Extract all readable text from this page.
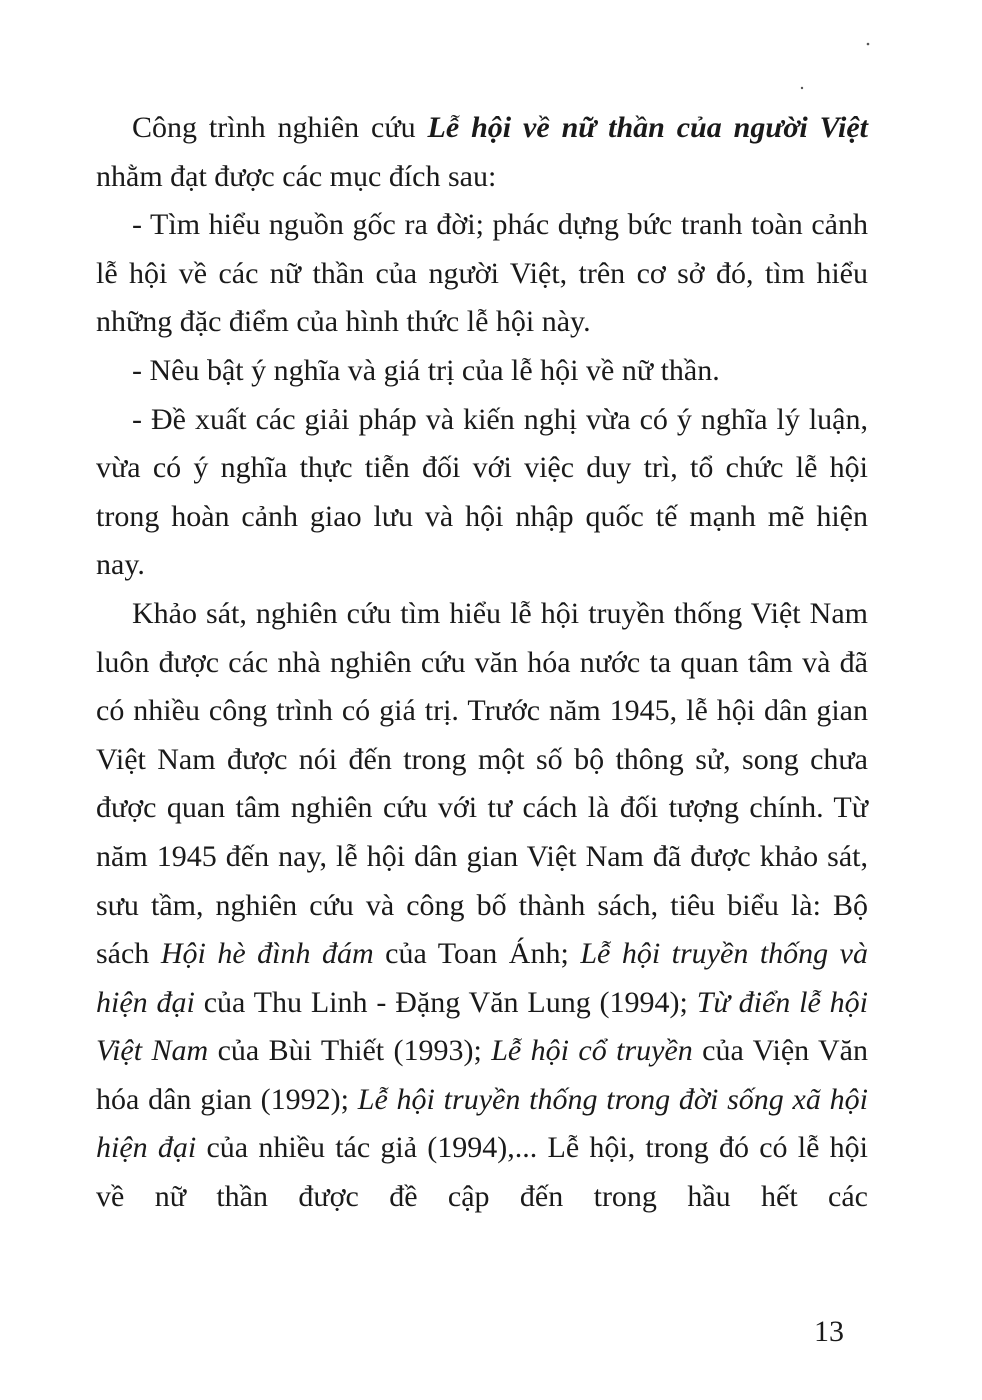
Công trình nghiên cứu Lễ hội về nữ thần của người Việt nhằm đạt được các mục đích sau:

- Tìm hiểu nguồn gốc ra đời; phác dựng bức tranh toàn cảnh lễ hội về các nữ thần của người Việt, trên cơ sở đó, tìm hiểu những đặc điểm của hình thức lễ hội này.

- Nêu bật ý nghĩa và giá trị của lễ hội về nữ thần.

- Đề xuất các giải pháp và kiến nghị vừa có ý nghĩa lý luận, vừa có ý nghĩa thực tiễn đối với việc duy trì, tổ chức lễ hội trong hoàn cảnh giao lưu và hội nhập quốc tế mạnh mẽ hiện nay.

Khảo sát, nghiên cứu tìm hiểu lễ hội truyền thống Việt Nam luôn được các nhà nghiên cứu văn hóa nước ta quan tâm và đã có nhiều công trình có giá trị. Trước năm 1945, lễ hội dân gian Việt Nam được nói đến trong một số bộ thông sử, song chưa được quan tâm nghiên cứu với tư cách là đối tượng chính. Từ năm 1945 đến nay, lễ hội dân gian Việt Nam đã được khảo sát, sưu tầm, nghiên cứu và công bố thành sách, tiêu biểu là: Bộ sách Hội hè đình đám của Toan Ánh; Lễ hội truyền thống và hiện đại của Thu Linh - Đặng Văn Lung (1994); Từ điển lễ hội Việt Nam của Bùi Thiết (1993); Lễ hội cổ truyền của Viện Văn hóa dân gian (1992); Lễ hội truyền thống trong đời sống xã hội hiện đại của nhiều tác giả (1994),... Lễ hội, trong đó có lễ hội về nữ thần được đề cập đến trong hầu hết các

13
